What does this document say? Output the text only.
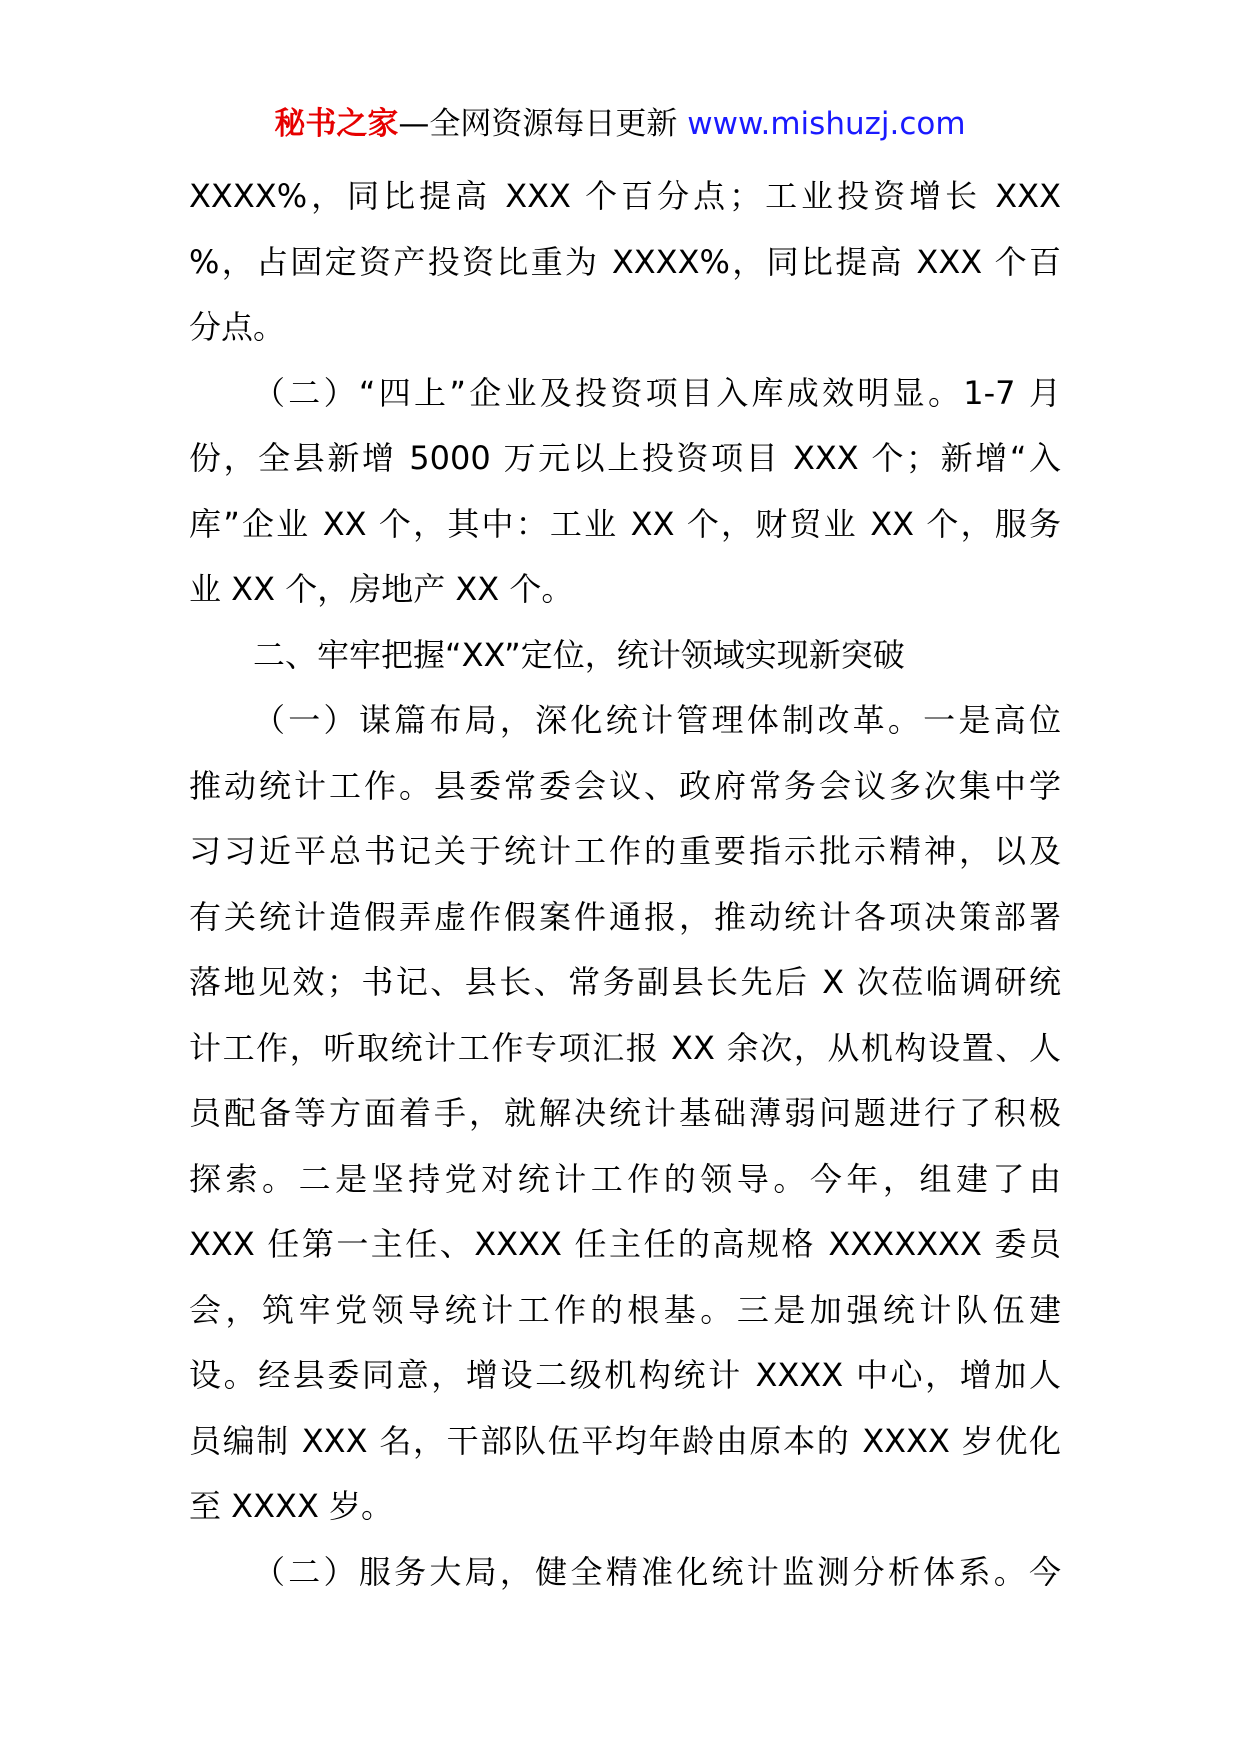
秘书之家—全网资源每日更新 www.mishuzj.com
XXXX%，同比提高 XXX 个百分点；工业投资增长 XXX
%，占固定资产投资比重为 XXXX%，同比提高 XXX 个百
分点。
（二）“四上”企业及投资项目入库成效明显。1-7 月
份，全县新增 5000 万元以上投资项目 XXX 个；新增“入
库”企业 XX 个，其中：工业 XX 个，财贸业 XX 个，服务
业 XX 个，房地产 XX 个。
二、牢牢把握“XX”定位，统计领域实现新突破
（一）谋篇布局，深化统计管理体制改革。一是高位
推动统计工作。县委常委会议、政府常务会议多次集中学
习习近平总书记关于统计工作的重要指示批示精神，以及
有关统计造假弄虚作假案件通报，推动统计各项决策部署
落地见效；书记、县长、常务副县长先后 X 次莅临调研统
计工作，听取统计工作专项汇报 XX 余次，从机构设置、人
员配备等方面着手，就解决统计基础薄弱问题进行了积极
探索。二是坚持党对统计工作的领导。今年，组建了由
XXX 任第一主任、XXXX 任主任的高规格 XXXXXXX 委员
会，筑牢党领导统计工作的根基。三是加强统计队伍建
设。经县委同意，增设二级机构统计 XXXX 中心，增加人
员编制 XXX 名，干部队伍平均年龄由原本的 XXXX 岁优化
至 XXXX 岁。
（二）服务大局，健全精准化统计监测分析体系。今
